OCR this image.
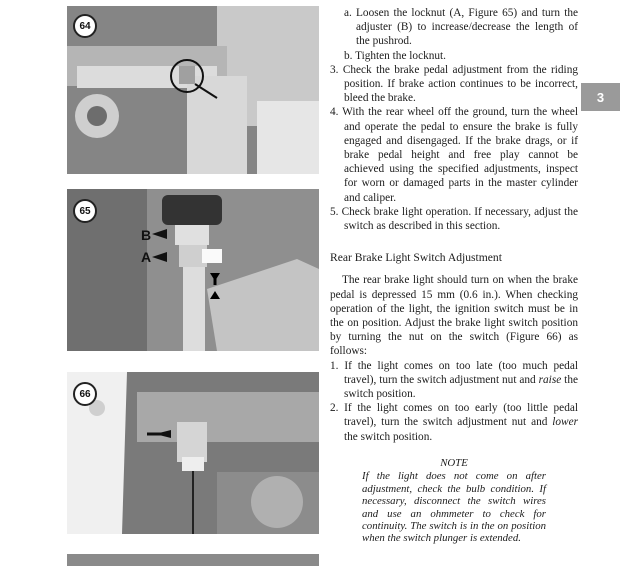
64
65
B
A
66
3

a. Loosen the locknut (A, Figure 65) and turn the adjuster (B) to increase/decrease the length of the pushrod.

b. Tighten the locknut.

3. Check the brake pedal adjustment from the riding position. If brake action continues to be incorrect, bleed the brake.

4. With the rear wheel off the ground, turn the wheel and operate the pedal to ensure the brake is fully engaged and disengaged. If the brake drags, or if brake pedal height and free play cannot be achieved using the specified adjustments, inspect for worn or damaged parts in the master cylinder and caliper.

5. Check brake light operation. If necessary, adjust the switch as described in this section.

Rear Brake Light Switch Adjustment

The rear brake light should turn on when the brake pedal is depressed 15 mm (0.6 in.). When checking operation of the light, the ignition switch must be in the on position. Adjust the brake light switch position by turning the nut on the switch (Figure 66) as follows:

1. If the light comes on too late (too much pedal travel), turn the switch adjustment nut and raise the switch position.

2. If the light comes on too early (too little pedal travel), turn the switch adjustment nut and lower the switch position.

NOTE
If the light does not come on after adjustment, check the bulb condition. If necessary, disconnect the switch wires and use an ohmmeter to check for continuity. The switch is in the on position when the switch plunger is extended.
